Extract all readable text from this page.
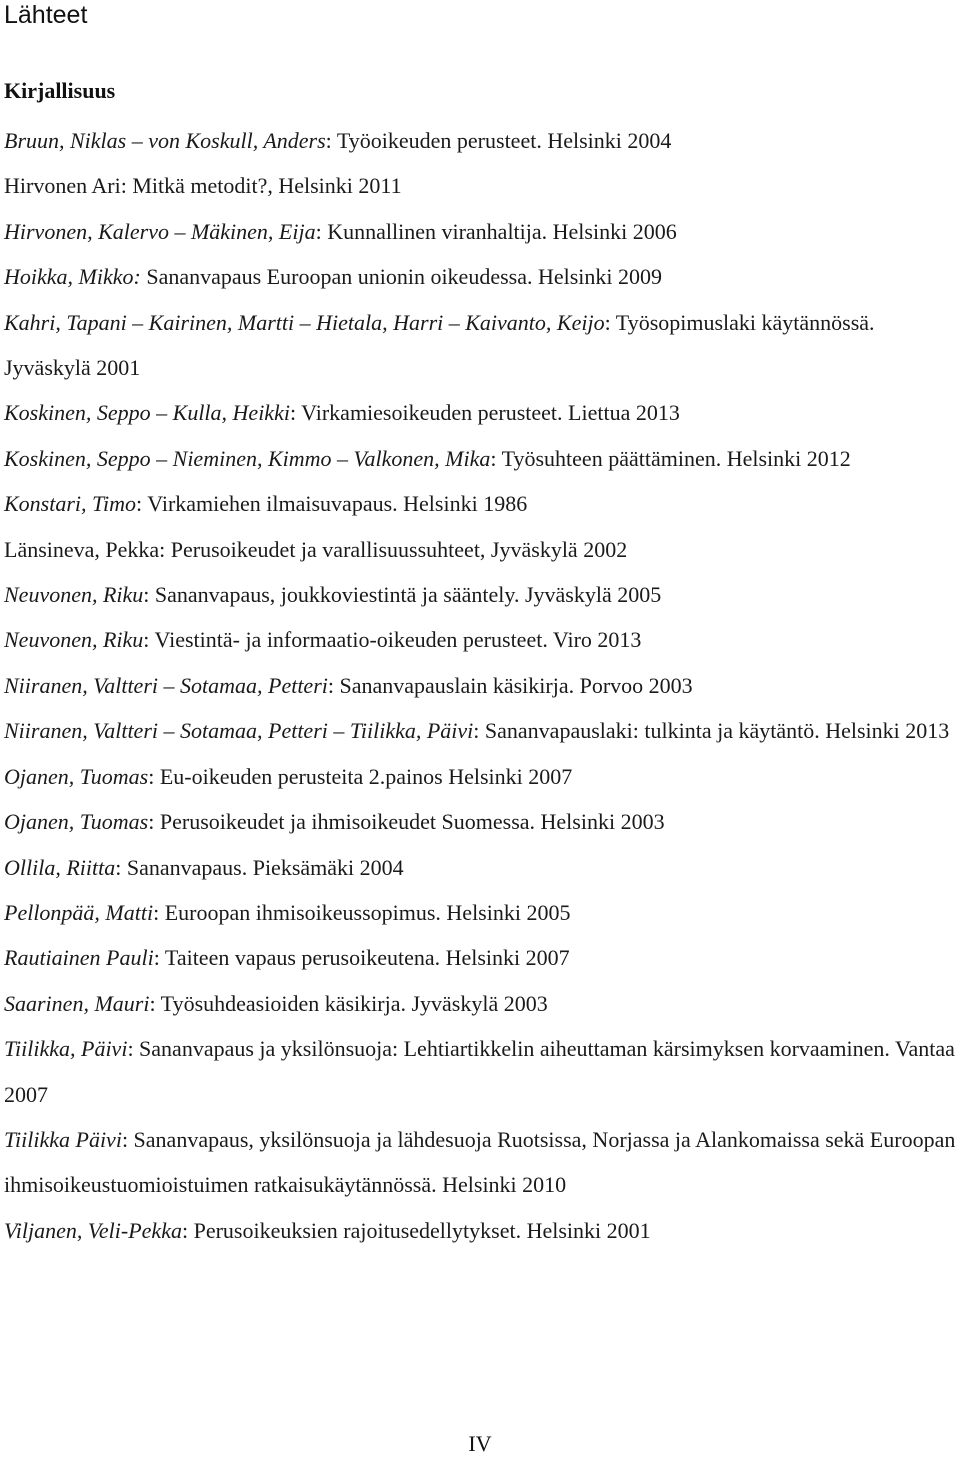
Lähteet
Kirjallisuus

Bruun, Niklas – von Koskull, Anders: Työoikeuden perusteet. Helsinki 2004

Hirvonen Ari: Mitkä metodit?, Helsinki 2011

Hirvonen, Kalervo – Mäkinen, Eija: Kunnallinen viranhaltija. Helsinki 2006

Hoikka, Mikko: Sananvapaus Euroopan unionin oikeudessa. Helsinki 2009

Kahri, Tapani – Kairinen, Martti – Hietala, Harri – Kaivanto, Keijo: Työsopimuslaki käytännössä. Jyväskylä 2001

Koskinen, Seppo – Kulla, Heikki: Virkamiesoikeuden perusteet. Liettua 2013

Koskinen, Seppo – Nieminen, Kimmo – Valkonen, Mika: Työsuhteen päättäminen. Helsinki 2012

Konstari, Timo: Virkamiehen ilmaisuvapaus. Helsinki 1986

Länsineva, Pekka: Perusoikeudet ja varallisuussuhteet, Jyväskylä 2002

Neuvonen, Riku: Sananvapaus, joukkoviestintä ja sääntely. Jyväskylä 2005

Neuvonen, Riku: Viestintä- ja informaatio-oikeuden perusteet. Viro 2013

Niiranen, Valtteri – Sotamaa, Petteri: Sananvapauslain käsikirja. Porvoo 2003

Niiranen, Valtteri – Sotamaa, Petteri – Tiilikka, Päivi: Sananvapauslaki: tulkinta ja käytäntö. Helsinki 2013

Ojanen, Tuomas: Eu-oikeuden perusteita 2.painos Helsinki 2007

Ojanen, Tuomas: Perusoikeudet ja ihmisoikeudet Suomessa. Helsinki 2003

Ollila, Riitta: Sananvapaus. Pieksämäki 2004

Pellonpää, Matti: Euroopan ihmisoikeussopimus. Helsinki 2005

Rautiainen Pauli: Taiteen vapaus perusoikeutena. Helsinki 2007

Saarinen, Mauri: Työsuhdeasioiden käsikirja. Jyväskylä 2003

Tiilikka, Päivi: Sananvapaus ja yksilönsuoja: Lehtiartikkelin aiheuttaman kärsimyksen korvaaminen. Vantaa 2007

Tiilikka Päivi: Sananvapaus, yksilönsuoja ja lähdesuoja Ruotsissa, Norjassa ja Alankomaissa sekä Euroopan ihmisoikeustuomioistuimen ratkaisukäytännössä. Helsinki 2010

Viljanen, Veli-Pekka: Perusoikeuksien rajoitusedellytykset. Helsinki 2001

IV
